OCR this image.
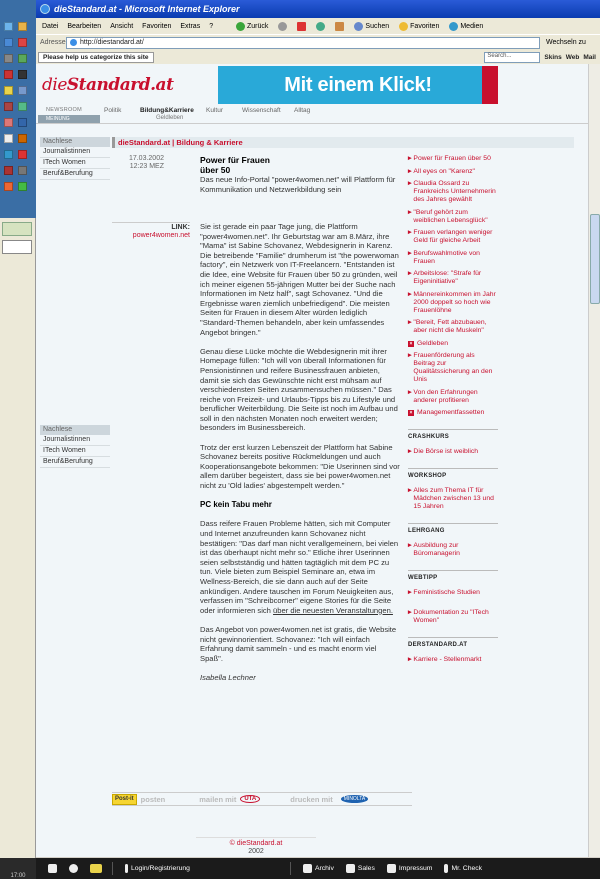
dieStandard.at - Microsoft Internet Explorer
Datei Bearbeiten Ansicht Favoriten Extras ?	Zurück	Suchen	Favoriten	Medien
Adresse http://diestandard.at/	Wechseln zu
Please help us categorize this site	Search...	Skins Web Mail
dieStandard.at	Mit einem Klick!
NEWSROOM	Politik	Bildung&Karriere	Kultur	Wissenschaft	Alltag
MEINUNG	Geldleben
Nachlese
Journalistinnen
ITech Women
Beruf&Berufung
Nachlese
Journalistinnen
ITech Women
Beruf&Berufung
dieStandard.at | Bildung & Karriere
17.03.2002
12:23 MEZ
LINK:
power4women.net
Power für Frauen
über 50

Das neue Info-Portal "power4women.net" will Plattform für Kommunikation und Netzwerkbildung sein

Sie ist gerade ein paar Tage jung, die Plattform "power4women.net". Ihr Geburtstag war am 8.März, ihre "Mama" ist Sabine Schovanez, Webdesignerin in Karenz. Die betreibende "Familie" drumherum ist "the powerwoman factory", ein Netzwerk von IT-Freelancern. "Entstanden ist die Idee, eine Website für Frauen über 50 zu gründen, weil ich meiner eigenen 55-jährigen Mutter bei der Suche nach Informationen im Netz half", sagt Schovanez. "Und die Ergebnisse waren ziemlich unbefriedigend". Die meisten Seiten für Frauen in diesem Alter würden lediglich "Standard-Themen behandeln, aber kein umfassendes Angebot bringen."

Genau diese Lücke möchte die Webdesignerin mit ihrer Homepage füllen: "Ich will von überall Informationen für Pensionistinnen und reifere Businessfrauen anbieten, damit sie sich das Gewünschte nicht erst mühsam auf verschiedensten Seiten zusammensuchen müssen." Das reiche von Freizeit- und Urlaubs-Tipps bis zu Lifestyle und beruflicher Weiterbildung. Die Seite ist noch im Aufbau und soll in den nächsten Monaten noch erweitert werden; besonders im Businessbereich.

Trotz der erst kurzen Lebenszeit der Plattform hat Sabine Schovanez bereits positive Rückmeldungen und auch Kooperationsangebote bekommen: "Die Userinnen sind vor allem darüber begeistert, dass sie bei power4women.net nicht zu 'Old ladies' abgestempelt werden."

PC kein Tabu mehr

Dass reifere Frauen Probleme hätten, sich mit Computer und Internet anzufreunden kann Schovanez nicht bestätigen: "Das darf man nicht verallgemeinern, bei vielen ist das überhaupt nicht mehr so." Etliche ihrer Userinnen seien selbstständig und hätten tagtäglich mit dem PC zu tun. Viele bieten zum Beispiel Seminare an, etwa im Wellness-Bereich, die sie dann auch auf der Seite ankündigen. Andere tauschen im Forum Neuigkeiten aus, verfassen im "Schreibcorner" eigene Stories für die Seite oder informieren sich über die neuesten Veranstaltungen.

Das Angebot von power4women.net ist gratis, die Website nicht gewinnorientiert. Schovanez: "Ich will einfach Erfahrung damit sammeln - und es macht enorm viel Spaß".

Isabella Lechner

▸ Power für Frauen über 50
▸ All eyes on "Karenz"
▸ Claudia Ossard zu Frankreichs Unternehmerin des Jahres gewählt
▸ "Beruf gehört zum weiblichen Lebensglück"
▸ Frauen verlangen weniger Geld für gleiche Arbeit
▸ Berufswahlmotive von Frauen
▸ Arbeitslose: "Strafe für Eigeninitiative"
▸ Männereinkommen im Jahr 2000 doppelt so hoch wie Frauenlöhne
▸ "Bereit, Fett abzubauen, aber nicht die Muskeln"
× Geldleben
▸ Frauenförderung als Beitrag zur Qualitätssicherung an den Unis
▸ Von den Erfahrungen anderer profitieren
× Managementfassetten
CRASHKURS
▸ Die Börse ist weiblich
WORKSHOP
▸ Alles zum Thema IT für Mädchen zwischen 13 und 15 Jahren
LEHRGANG
▸ Ausbildung zur Büromanagerin
WEBTIPP
▸ Feministische Studien
▸ Dokumentation zu "ITech Women"
DERSTANDARD.AT
▸ Karriere - Stellenmarkt
Post-it posten	mailen mit	UTA	drucken mit	MINOLTA
© dieStandard.at
2002
17:00
Login/Registrierung	Archiv	Sales	Impressum	Mr. Check
